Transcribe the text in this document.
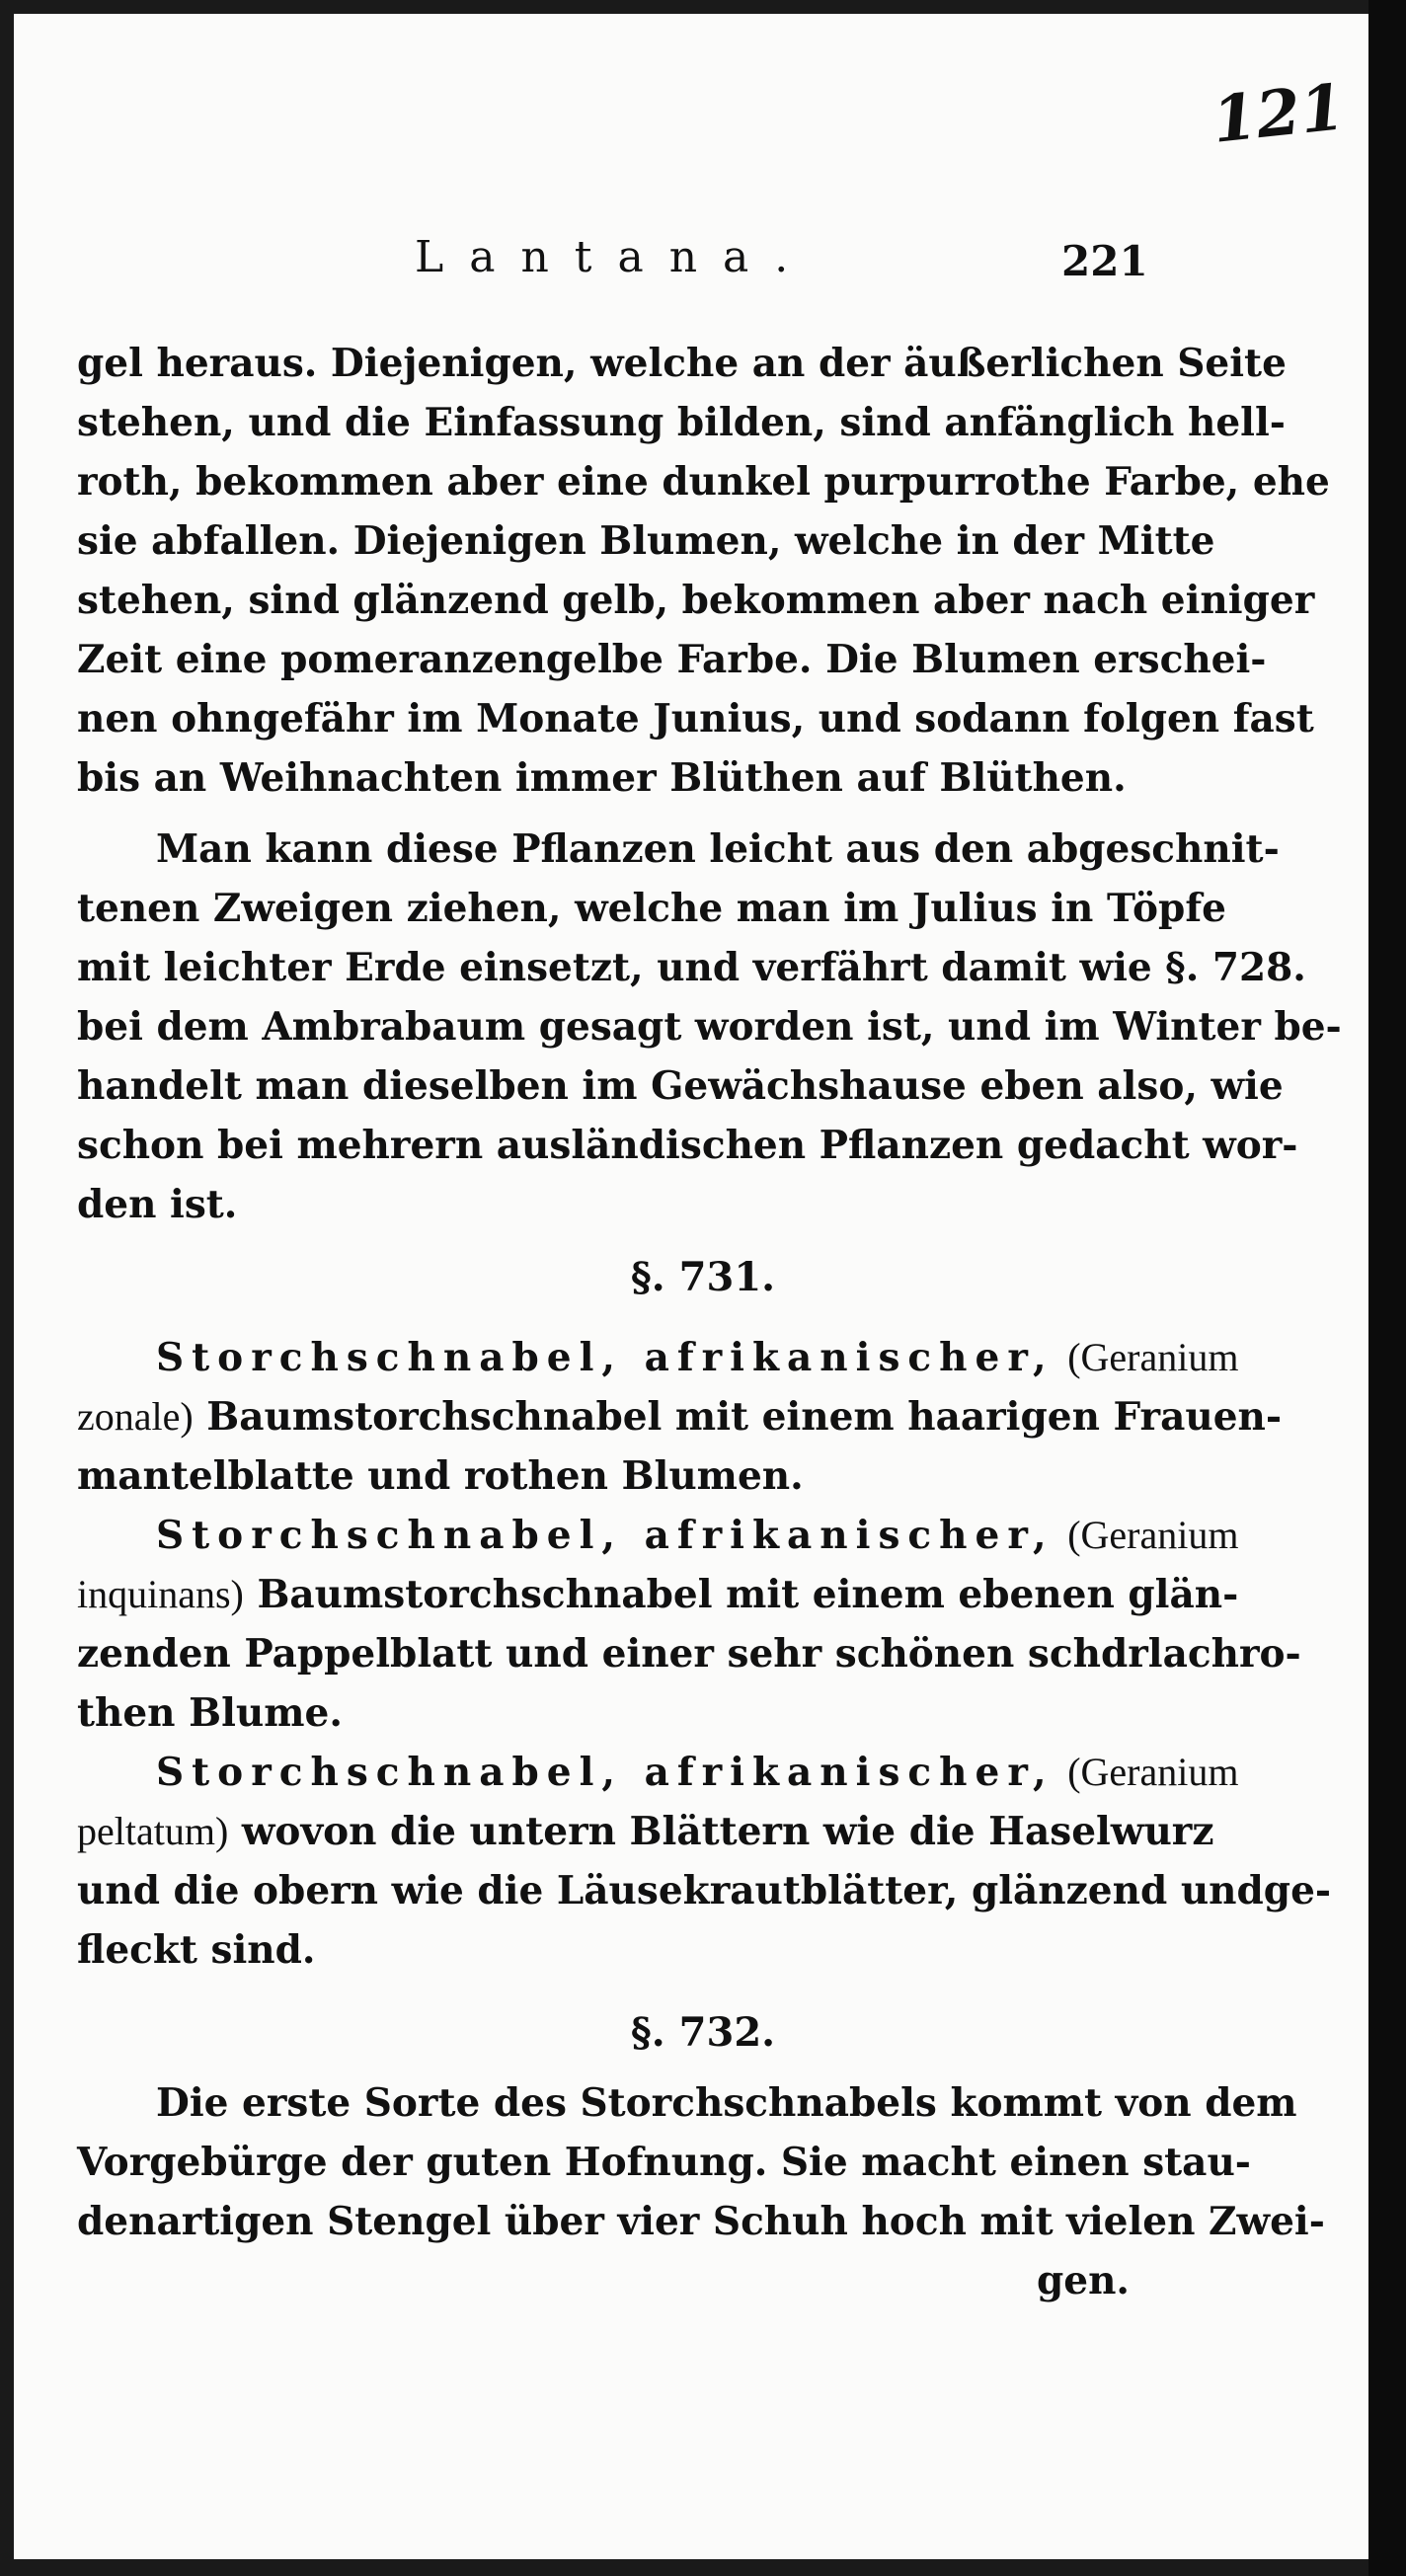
121
Lantana.	221
gel heraus. Diejenigen, welche an der äußerlichen Seite
stehen, und die Einfassung bilden, sind anfänglich hell-
roth, bekommen aber eine dunkel purpurrothe Farbe, ehe
sie abfallen. Diejenigen Blumen, welche in der Mitte
stehen, sind glänzend gelb, bekommen aber nach einiger
Zeit eine pomeranzengelbe Farbe. Die Blumen erschei-
nen ohngefähr im Monate Junius, und sodann folgen fast
bis an Weihnachten immer Blüthen auf Blüthen.
Man kann diese Pflanzen leicht aus den abgeschnit-
tenen Zweigen ziehen, welche man im Julius in Töpfe
mit leichter Erde einsetzt, und verfährt damit wie §. 728.
bei dem Ambrabaum gesagt worden ist, und im Winter be-
handelt man dieselben im Gewächshause eben also, wie
schon bei mehrern ausländischen Pflanzen gedacht wor-
den ist.
§. 731.
Storchschnabel, afrikanischer, (Geranium
zonale) Baumstorchschnabel mit einem haarigen Frauen-
mantelblatte und rothen Blumen.
Storchschnabel, afrikanischer, (Geranium
inquinans) Baumstorchschnabel mit einem ebenen glän-
zenden Pappelblatt und einer sehr schönen schdrlachro-
then Blume.
Storchschnabel, afrikanischer, (Geranium
peltatum) wovon die untern Blättern wie die Haselwurz
und die obern wie die Läusekrautblätter, glänzend undge-
fleckt sind.
§. 732.
Die erste Sorte des Storchschnabels kommt von dem
Vorgebürge der guten Hofnung. Sie macht einen stau-
denartigen Stengel über vier Schuh hoch mit vielen Zwei-
gen.
